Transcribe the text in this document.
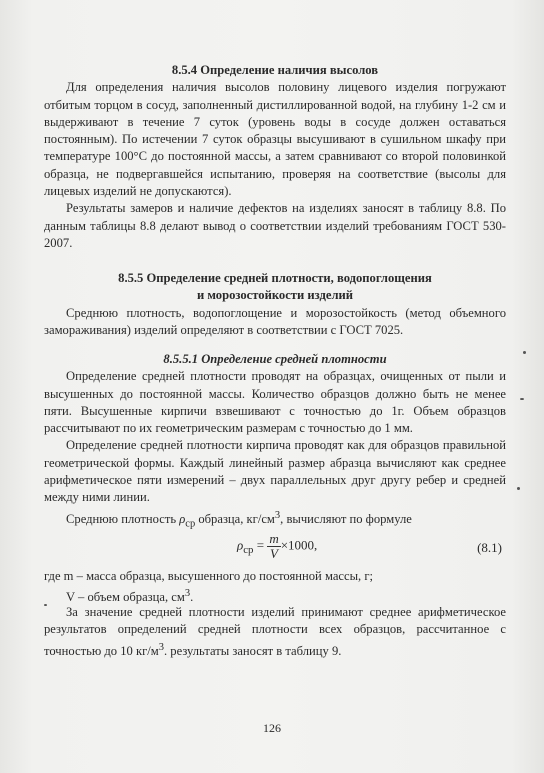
8.5.4 Определение наличия высолов

Для определения наличия высолов половину лицевого изделия погружают отбитым торцом в сосуд, заполненный дистиллированной водой, на глубину 1-2 см и выдерживают в течение 7 суток (уровень воды в сосуде должен оставаться постоянным). По истечении 7 суток образцы высушивают в сушильном шкафу при температуре 100°С до постоянной массы, а затем сравнивают со второй половинкой образца, не подвергавшейся испытанию, проверяя на соответствие (высолы для лицевых изделий не допускаются).

Результаты замеров и наличие дефектов на изделиях заносят в таблицу 8.8. По данным таблицы 8.8 делают вывод о соответствии изделий требованиям ГОСТ 530-2007.

8.5.5 Определение средней плотности, водопоглощения
и морозостойкости изделий

Среднюю плотность, водопоглощение и морозостойкость (метод объемного замораживания) изделий определяют в соответствии с ГОСТ 7025.

8.5.5.1 Определение средней плотности

Определение средней плотности проводят на образцах, очищенных от пыли и высушенных до постоянной массы. Количество образцов должно быть не менее пяти. Высушенные кирпичи взвешивают с точностью до 1г. Объем образцов рассчитывают по их геометрическим размерам с точностью до 1 мм.

Определение средней плотности кирпича проводят как для образцов правильной геометрической формы. Каждый линейный размер абразца вычисляют как среднее арифметическое пяти измерений – двух параллельных друг другу ребер и средней между ними линии.

Среднюю плотность $\rho_{ср}$ образца, $кг/см^3$, вычисляют по формуле

$\rho_{ср} = \frac{m}{V} \times 1000$,	(8.1)

где m – масса образца, высушенного до постоянной массы, г;

V – объем образца, $см^3$.

За значение средней плотности изделий принимают среднее арифметическое результатов определений средней плотности всех образцов, рассчитанное с точностью до 10 $кг/м^3$. результаты заносят в таблицу 9.

126
